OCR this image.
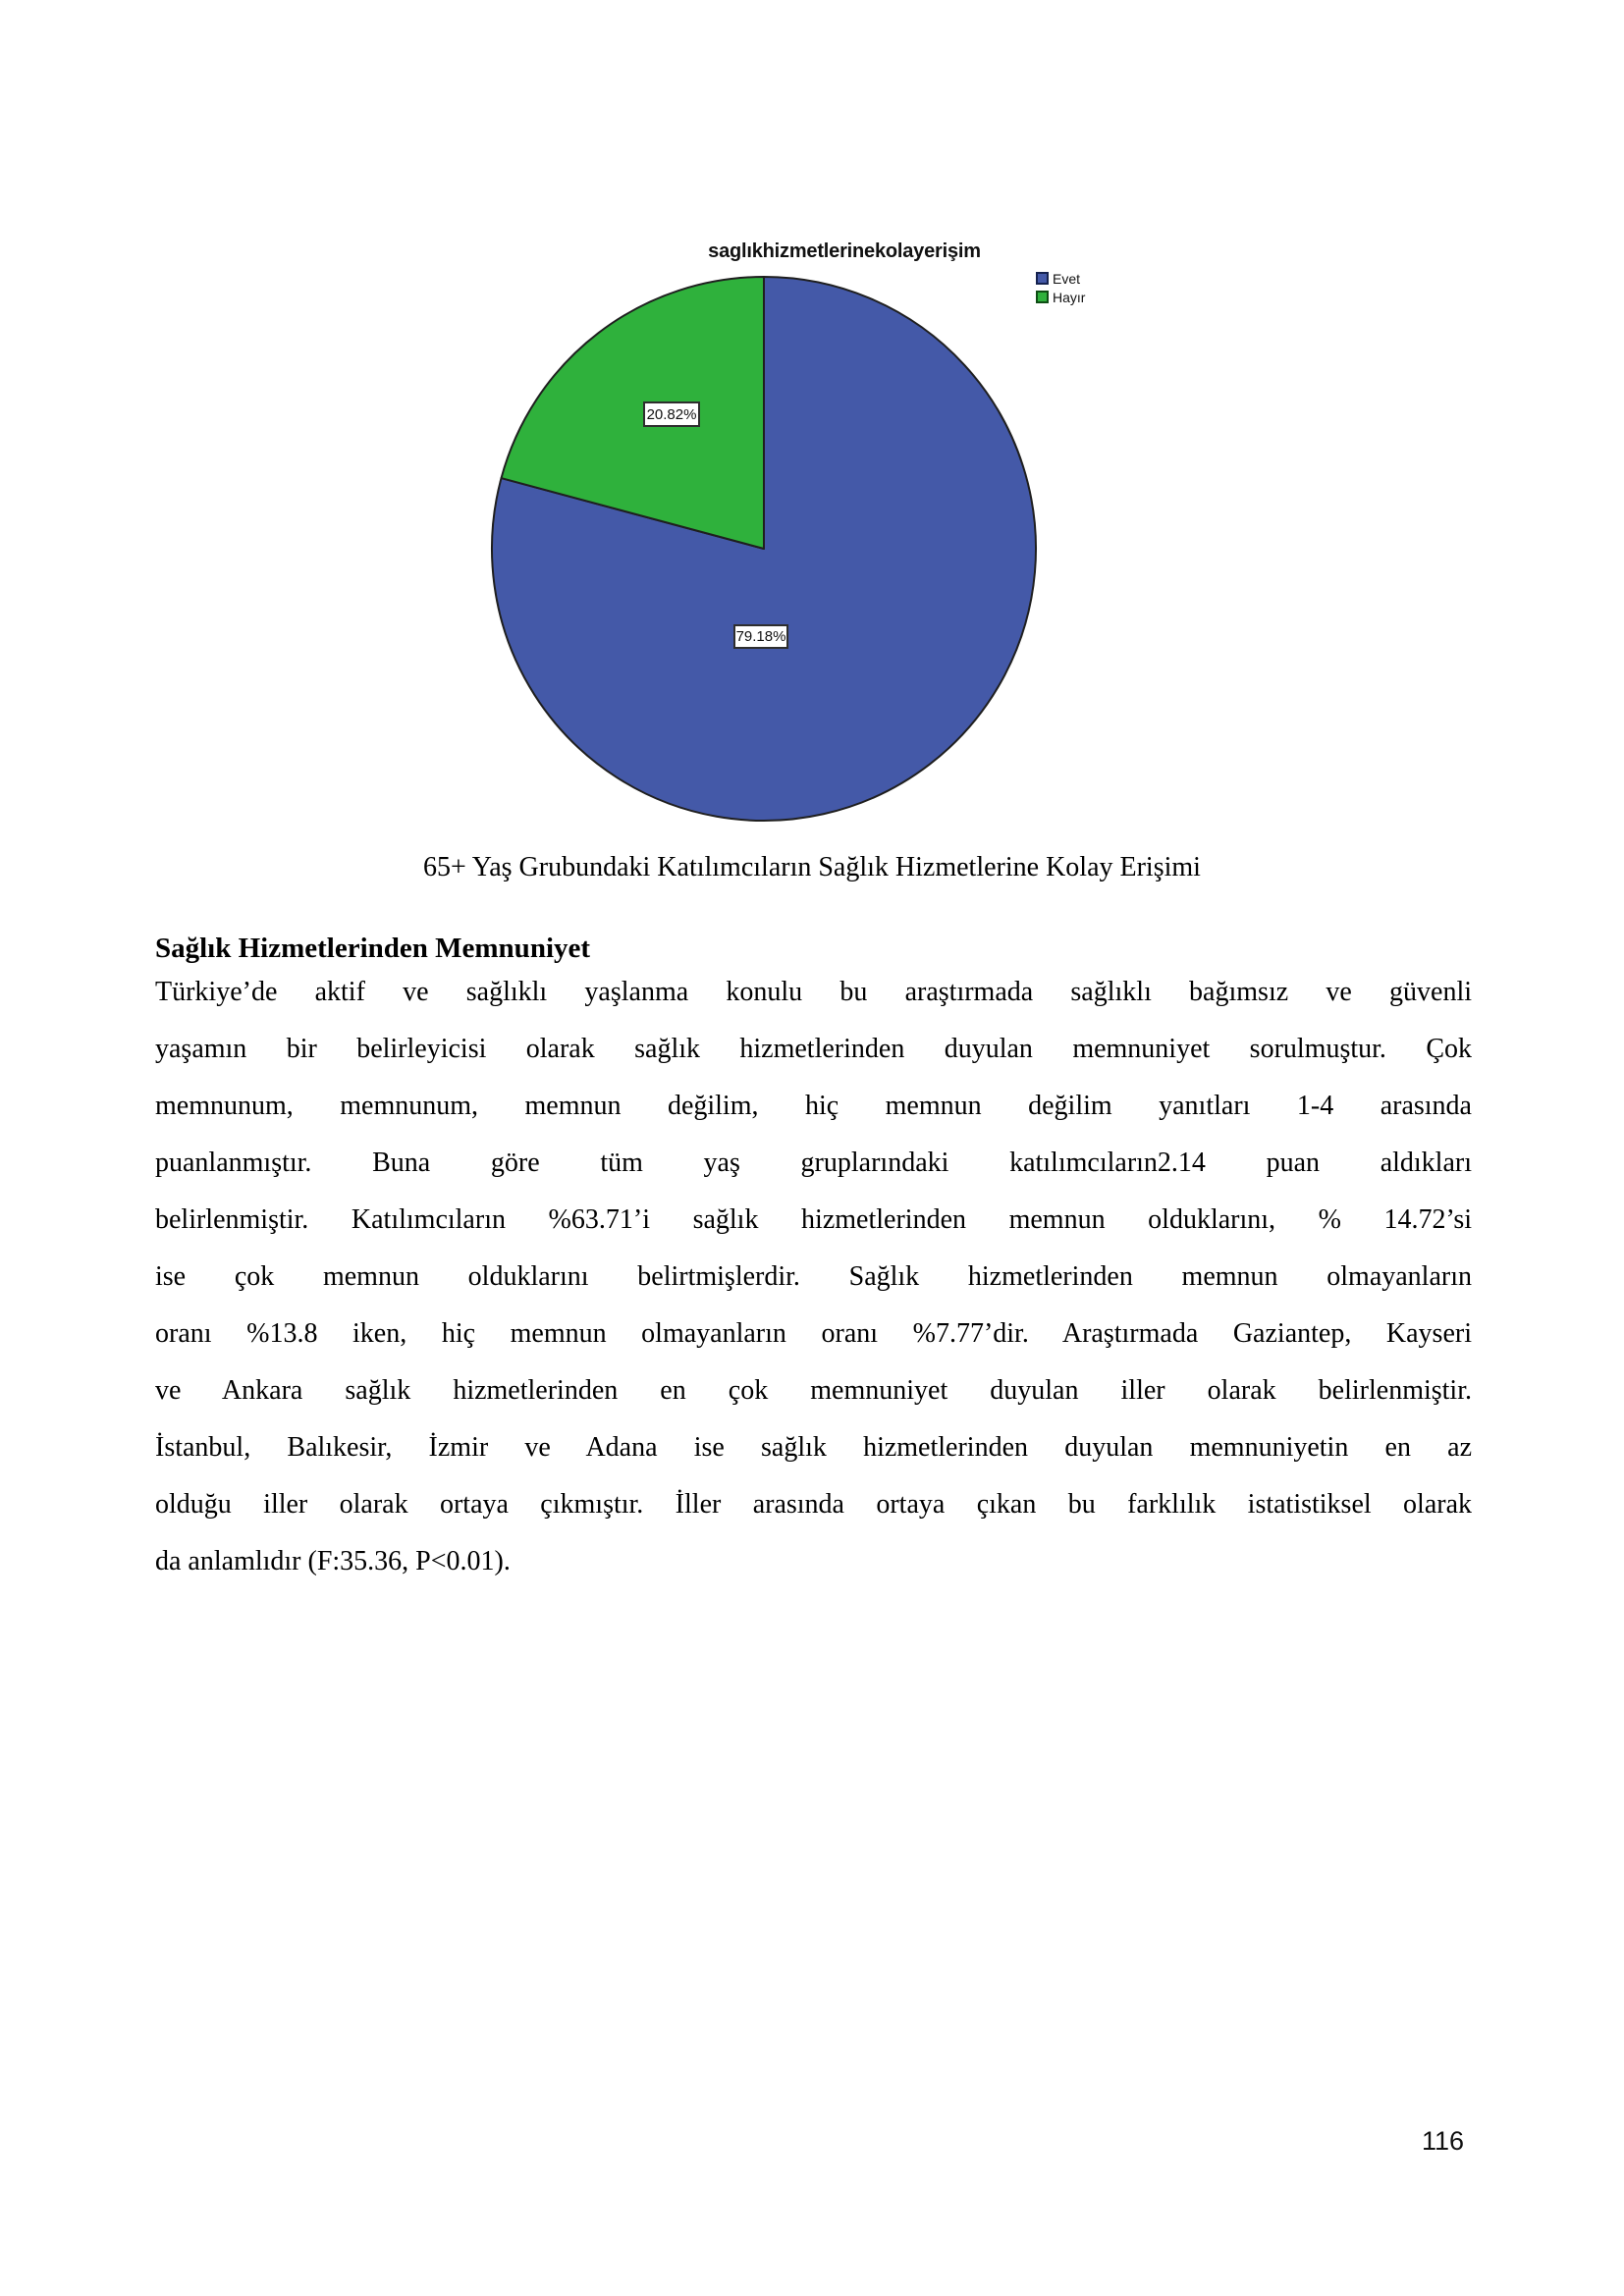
saglıkhizmetlerinekolayerişim
20.82%
79.18%
Evet
Hayır
65+ Yaş Grubundaki Katılımcıların Sağlık Hizmetlerine Kolay Erişimi
Sağlık Hizmetlerinden Memnuniyet
Türkiye’de aktif ve sağlıklı yaşlanma konulu bu araştırmada sağlıklı bağımsız ve güvenli
yaşamın bir belirleyicisi olarak sağlık hizmetlerinden duyulan memnuniyet sorulmuştur. Çok
memnunum, memnunum, memnun değilim, hiç memnun değilim yanıtları 1-4 arasında
puanlanmıştır. Buna göre tüm yaş gruplarındaki katılımcıların2.14 puan aldıkları
belirlenmiştir. Katılımcıların %63.71’i sağlık hizmetlerinden memnun olduklarını, % 14.72’si
ise çok memnun olduklarını belirtmişlerdir. Sağlık hizmetlerinden memnun olmayanların
oranı %13.8 iken, hiç memnun olmayanların oranı %7.77’dir. Araştırmada Gaziantep, Kayseri
ve Ankara sağlık hizmetlerinden en çok memnuniyet duyulan iller olarak belirlenmiştir.
İstanbul, Balıkesir, İzmir ve Adana ise sağlık hizmetlerinden duyulan memnuniyetin en az
olduğu iller olarak ortaya çıkmıştır. İller arasında ortaya çıkan bu farklılık istatistiksel olarak
da anlamlıdır (F:35.36, P<0.01).
116
